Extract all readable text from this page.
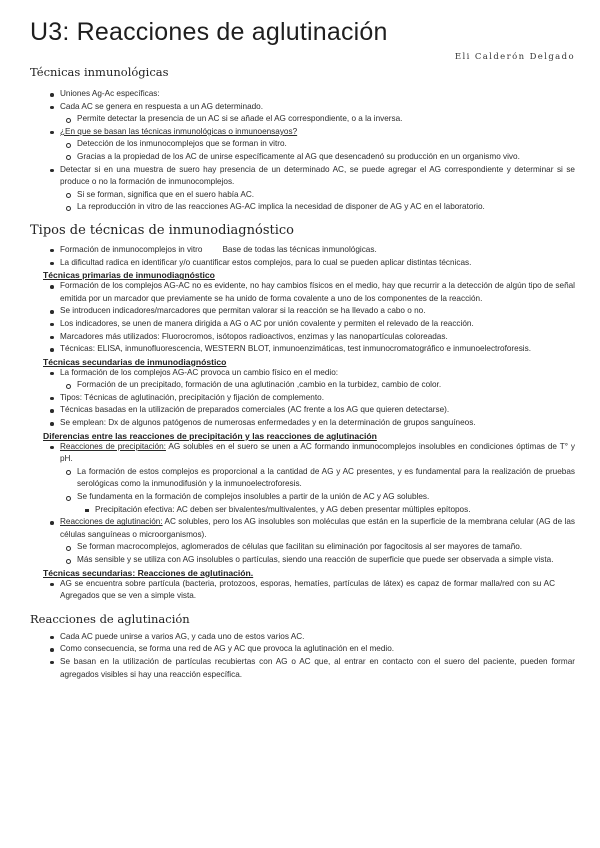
U3: Reacciones de aglutinación
Eli Calderón Delgado
Técnicas inmunológicas
Uniones Ag-Ac específicas:
Cada AC se genera en respuesta a un AG determinado.
Permite detectar la presencia de un AC si se añade el AG correspondiente, o a la inversa.
¿En que se basan las técnicas inmunológicas o inmunoensayos?
Detección de los inmunocomplejos que se forman in vitro.
Gracias a la propiedad de los AC de unirse específicamente al AG que desencadenó su producción en un organismo vivo.
Detectar si en una muestra de suero hay presencia de un determinado AC, se puede agregar el AG correspondiente y determinar si se produce o no la formación de inmunocomplejos.
Si se forman, significa que en el suero había AC.
La reproducción in vitro de las reacciones AG-AC implica la necesidad de disponer de AG y AC en el laboratorio.
Tipos de técnicas de inmunodiagnóstico
Formación de inmunocomplejos in vitro Base de todas las técnicas inmunológicas.
La dificultad radica en identificar y/o cuantificar estos complejos, para lo cual se pueden aplicar distintas técnicas.
Técnicas primarias de inmunodiagnóstico
Formación de los complejos AG-AC no es evidente, no hay cambios físicos en el medio, hay que recurrir a la detección de algún tipo de señal emitida por un marcador que previamente se ha unido de forma covalente a uno de los componentes de la reacción.
Se introducen indicadores/marcadores que permitan valorar si la reacción se ha llevado a cabo o no.
Los indicadores, se unen de manera dirigida a AG o AC por unión covalente y permiten el relevado de la reacción.
Marcadores más utilizados: Fluorocromos, isótopos radioactivos, enzimas y las nanopartículas coloreadas.
Técnicas: ELISA, inmunofluorescencia, WESTERN BLOT, inmunoenzimáticas, test inmunocromatográfico e inmunoelectroforesis.
Técnicas secundarias de inmunodiagnóstico
La formación de los complejos AG-AC provoca un cambio físico en el medio:
Formación de un precipitado, formación de una aglutinación ,cambio en la turbidez, cambio de color.
Tipos: Técnicas de aglutinación, precipitación y fijación de complemento.
Técnicas basadas en la utilización de preparados comerciales (AC frente a los AG que quieren detectarse).
Se emplean: Dx de algunos patógenos de numerosas enfermedades y en la determinación de grupos sanguíneos.
Diferencias entre las reacciones de precipitación y las reacciones de aglutinación
Reacciones de precipitación: AG solubles en el suero se unen a AC formando inmunocomplejos insolubles en condiciones óptimas de T° y pH.
La formación de estos complejos es proporcional a la cantidad de AG y AC presentes, y es fundamental para la realización de pruebas serológicas como la inmunodifusión y la inmunoelectroforesis.
Se fundamenta en la formación de complejos insolubles a partir de la unión de AC y AG solubles.
Precipitación efectiva: AC deben ser bivalentes/multivalentes, y AG deben presentar múltiples epítopos.
Reacciones de aglutinación: AC solubles, pero los AG insolubles son moléculas que están en la superficie de la membrana celular (AG de las células sanguíneas o microorganismos).
Se forman macrocomplejos, aglomerados de células que facilitan su eliminación por fagocitosis al ser mayores de tamaño.
Más sensible y se utiliza con AG insolubles o partículas, siendo una reacción de superficie que puede ser observada a simple vista.
Técnicas secundarias: Reacciones de aglutinación.
AG se encuentra sobre partícula (bacteria, protozoos, esporas, hematíes, partículas de látex) es capaz de formar malla/red con su ACAgregados que se ven a simple vista.
Reacciones de aglutinación
Cada AC puede unirse a varios AG, y cada uno de estos varios AC.
Como consecuencia, se forma una red de AG y AC que provoca la aglutinación en el medio.
Se basan en la utilización de partículas recubiertas con AG o AC que, al entrar en contacto con el suero del paciente, pueden formar agregados visibles si hay una reacción específica.
